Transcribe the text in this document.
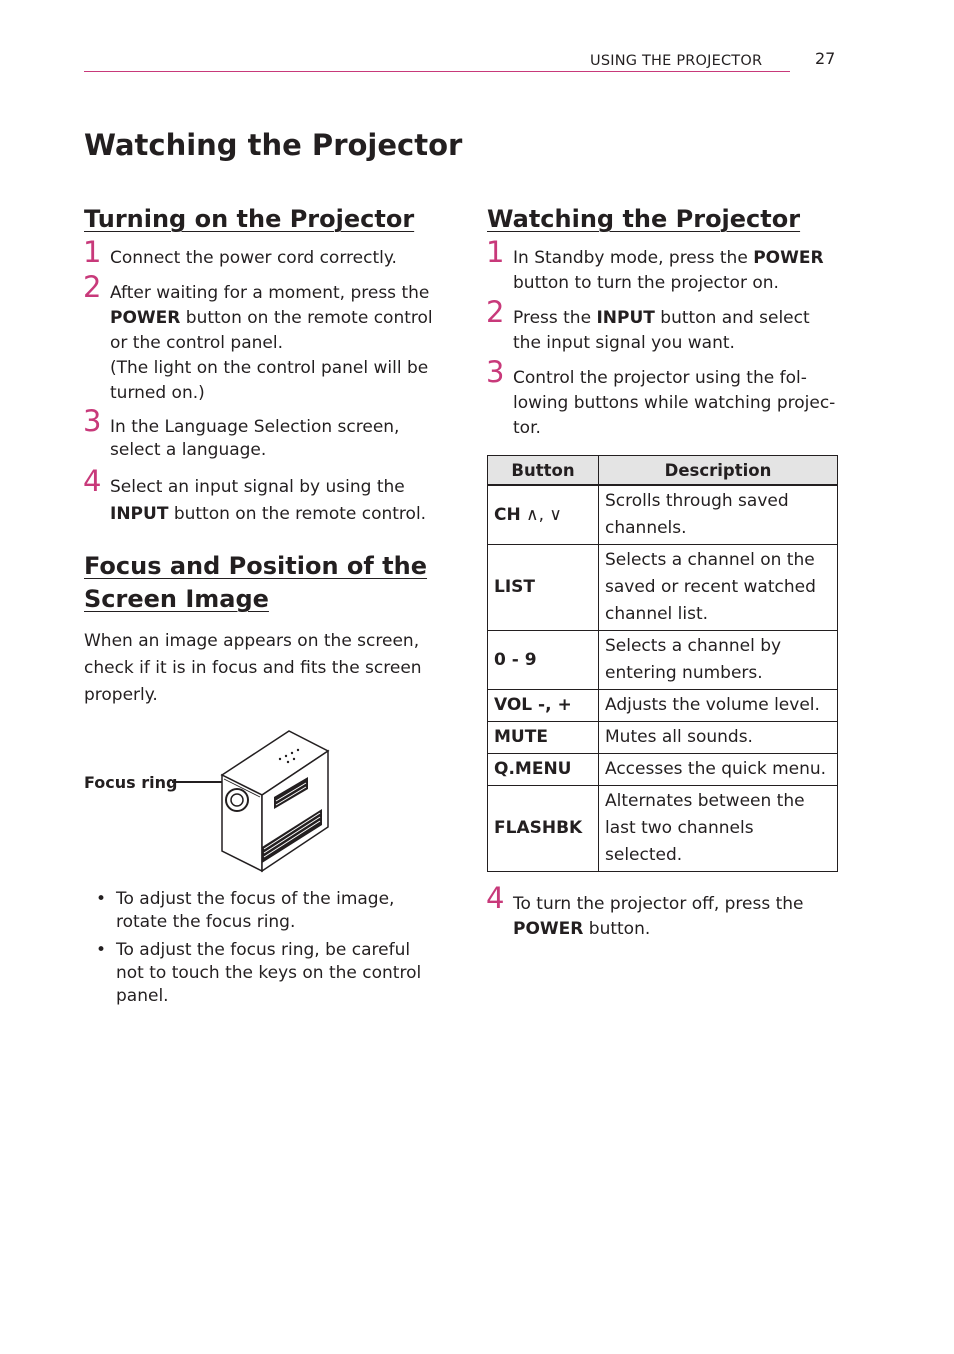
USING THE PROJECTOR	27
Watching the Projector
Turning on the Projector
1 Connect the power cord correctly.
2 After waiting for a moment, press the POWER button on the remote control or the control panel.
(The light on the control panel will be turned on.)
3 In the Language Selection screen, select a language.
4 Select an input signal by using the INPUT button on the remote control.
Focus and Position of the
Screen Image

When an image appears on the screen, check if it is in focus and fits the screen properly.

Focus ring
• To adjust the focus of the image, rotate the focus ring.
• To adjust the focus ring, be careful not to touch the keys on the control panel.
Watching the Projector
1 In Standby mode, press the POWER button to turn the projector on.
2 Press the INPUT button and select the input signal you want.
3 Control the projector using the fol-lowing buttons while watching projec-tor.
Button	Description
CH ∧, ∨	Scrolls through saved channels.
LIST	Selects a channel on the saved or recent watched channel list.
0 - 9	Selects a channel by entering numbers.
VOL -, +	Adjusts the volume level.
MUTE	Mutes all sounds.
Q.MENU	Accesses the quick menu.
FLASHBK	Alternates between the last two channels selected.
4 To turn the projector off, press the POWER button.
